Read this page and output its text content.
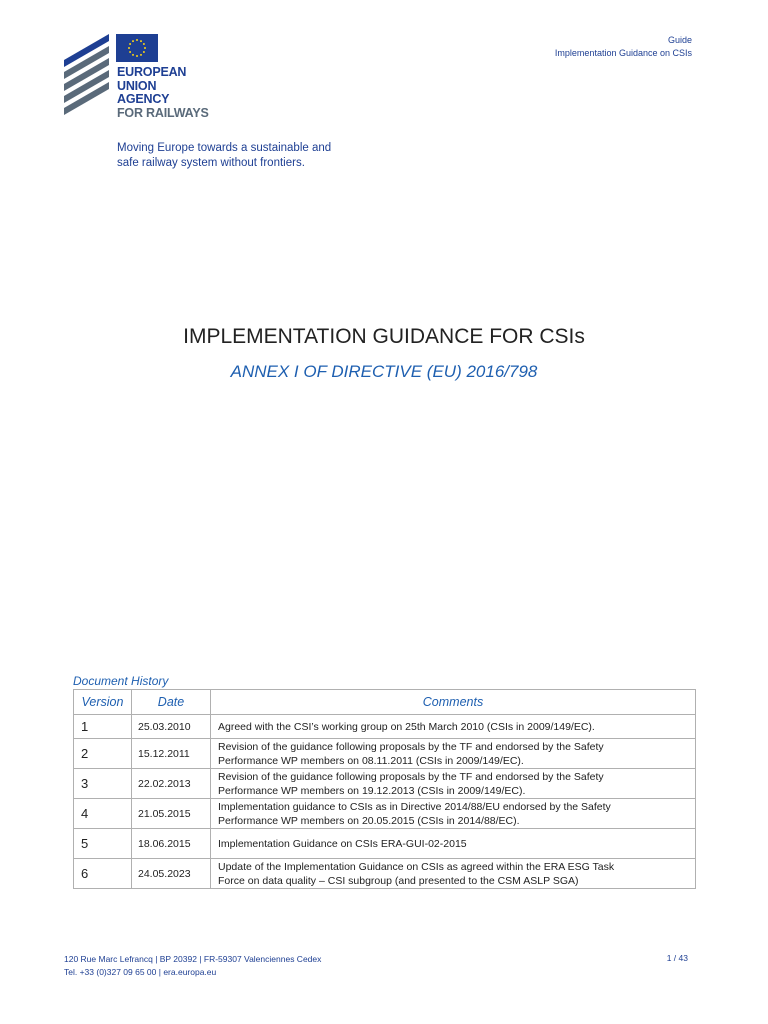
EUROPEAN
UNION
AGENCY
FOR RAILWAYS
Moving Europe towards a sustainable and
safe railway system without frontiers.
Guide
Implementation Guidance on CSIs
IMPLEMENTATION GUIDANCE FOR CSIs
ANNEX I OF DIRECTIVE (EU) 2016/798
Document History
Version	Date	Comments
1	25.03.2010	Agreed with the CSI’s working group on 25th March 2010 (CSIs in 2009/149/EC).

2	15.12.2011	Revision of the guidance following proposals by the TF and endorsed by the Safety
Performance WP members on 08.11.2011 (CSIs in 2009/149/EC).

3	22.02.2013	Revision of the guidance following proposals by the TF and endorsed by the Safety
Performance WP members on 19.12.2013 (CSIs in 2009/149/EC).

4	21.05.2015	Implementation guidance to CSIs as in Directive 2014/88/EU endorsed by the Safety
Performance WP members on 20.05.2015 (CSIs in 2014/88/EC).

5	18.06.2015	Implementation Guidance on CSIs ERA-GUI-02-2015

6	24.05.2023	Update of the Implementation Guidance on CSIs as agreed within the ERA ESG Task
Force on data quality – CSI subgroup (and presented to the CSM ASLP SGA)
120 Rue Marc Lefrancq | BP 20392 | FR-59307 Valenciennes Cedex
Tel. +33 (0)327 09 65 00 | era.europa.eu
1 / 43
